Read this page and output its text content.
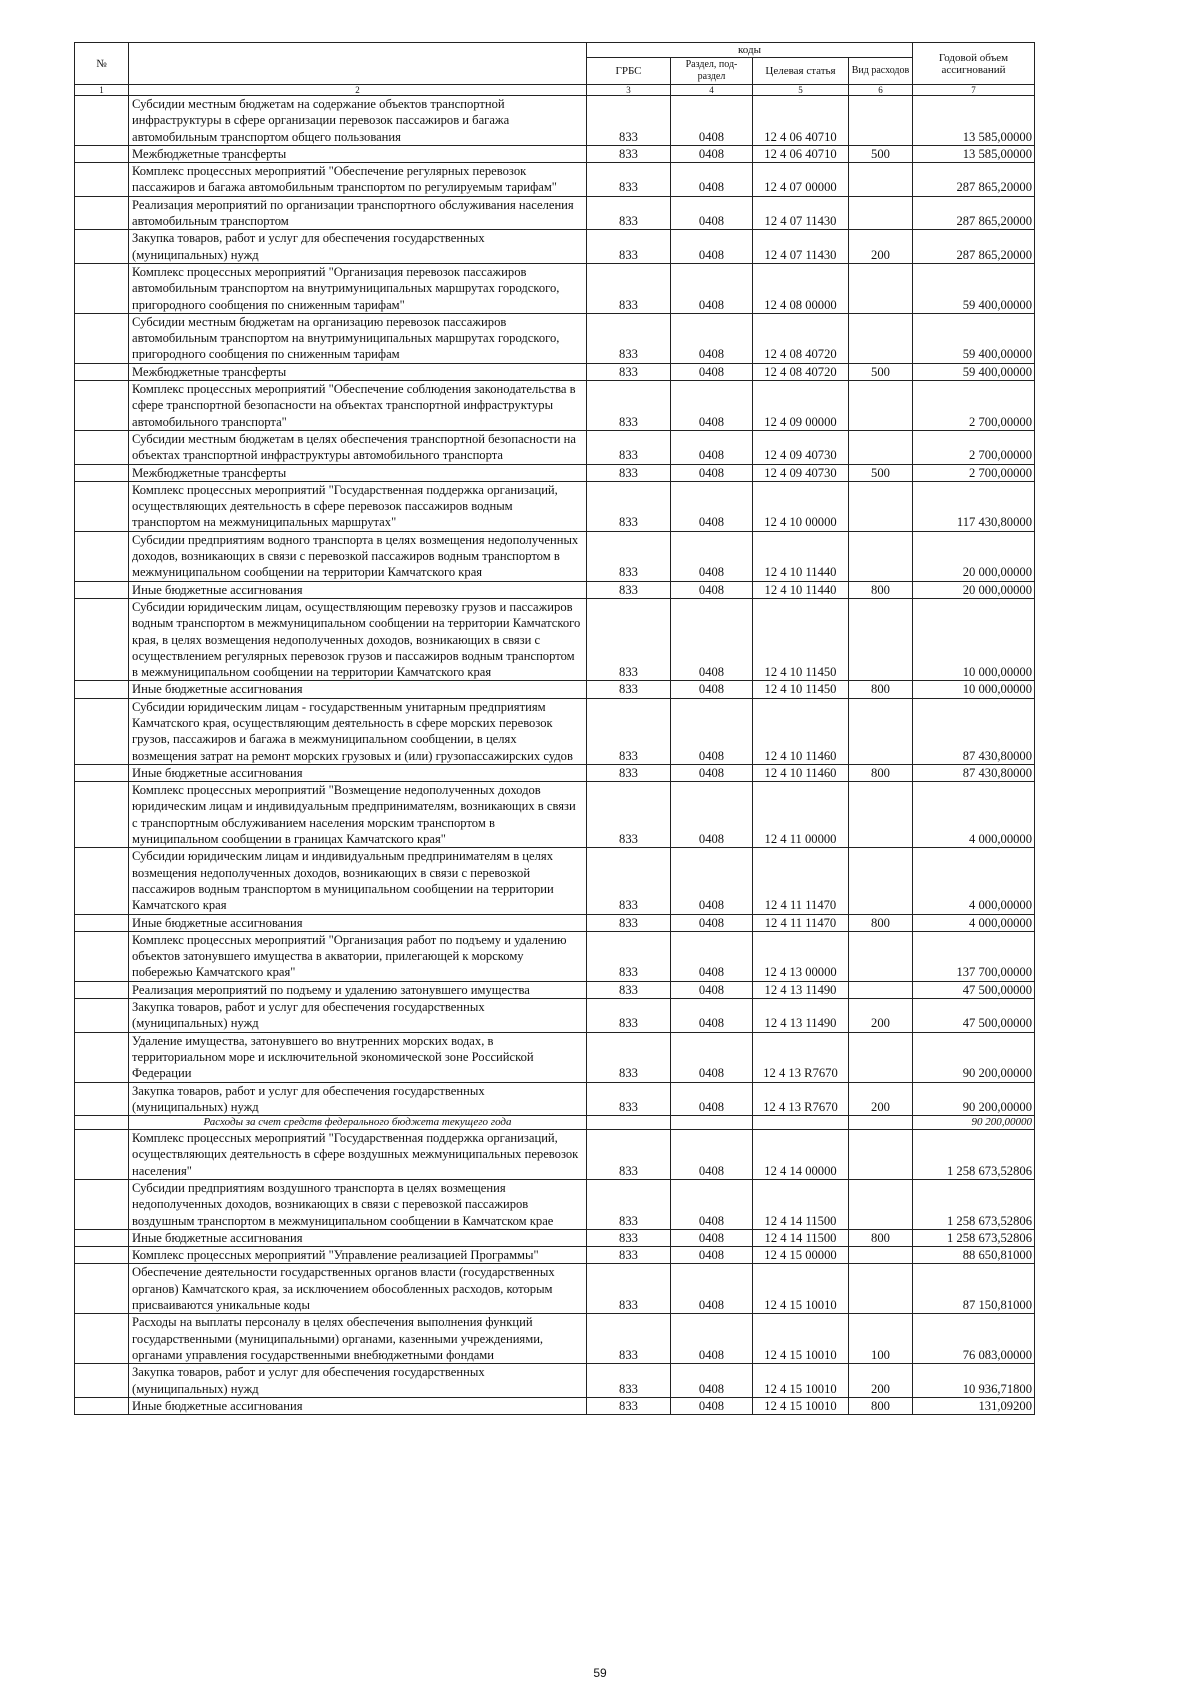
№		коды				Годовой объем ассигнований
		ГРБС	Раздел, под-раздел	Целевая статья	Вид расходов	
1	2	3	4	5	6	7
	Субсидии местным бюджетам на содержание объектов транспортной инфраструктуры в сфере организации перевозок пассажиров и багажа автомобильным транспортом общего пользования	833	0408	12 4 06 40710		13 585,00000
	Межбюджетные трансферты	833	0408	12 4 06 40710	500	13 585,00000
	Комплекс процессных мероприятий "Обеспечение регулярных перевозок пассажиров и багажа автомобильным транспортом по регулируемым тарифам"	833	0408	12 4 07 00000		287 865,20000
	Реализация мероприятий по организации транспортного обслуживания населения автомобильным транспортом	833	0408	12 4 07 11430		287 865,20000
	Закупка товаров, работ и услуг для обеспечения государственных (муниципальных) нужд	833	0408	12 4 07 11430	200	287 865,20000
	Комплекс процессных мероприятий "Организация перевозок пассажиров автомобильным транспортом на внутримуниципальных маршрутах городского, пригородного сообщения по сниженным тарифам"	833	0408	12 4 08 00000		59 400,00000
	Субсидии местным бюджетам на организацию перевозок пассажиров автомобильным транспортом на внутримуниципальных маршрутах городского, пригородного сообщения по сниженным тарифам	833	0408	12 4 08 40720		59 400,00000
	Межбюджетные трансферты	833	0408	12 4 08 40720	500	59 400,00000
	Комплекс процессных мероприятий "Обеспечение соблюдения законодательства в сфере транспортной безопасности на объектах транспортной инфраструктуры автомобильного транспорта"	833	0408	12 4 09 00000		2 700,00000
	Субсидии местным бюджетам в целях обеспечения транспортной безопасности на объектах транспортной инфраструктуры автомобильного транспорта	833	0408	12 4 09 40730		2 700,00000
	Межбюджетные трансферты	833	0408	12 4 09 40730	500	2 700,00000
	Комплекс процессных мероприятий "Государственная поддержка организаций, осуществляющих деятельность в сфере перевозок пассажиров водным транспортом на межмуниципальных маршрутах"	833	0408	12 4 10 00000		117 430,80000
	Субсидии предприятиям водного транспорта в целях возмещения недополученных доходов, возникающих в связи с перевозкой пассажиров водным транспортом в межмуниципальном сообщении на территории Камчатского края	833	0408	12 4 10 11440		20 000,00000
	Иные бюджетные ассигнования	833	0408	12 4 10 11440	800	20 000,00000
	Субсидии юридическим лицам, осуществляющим перевозку грузов и пассажиров водным транспортом в межмуниципальном сообщении на территории Камчатского края, в целях возмещения недополученных доходов, возникающих в связи с осуществлением регулярных перевозок грузов и пассажиров водным транспортом в межмуниципальном сообщении на территории Камчатского края	833	0408	12 4 10 11450		10 000,00000
	Иные бюджетные ассигнования	833	0408	12 4 10 11450	800	10 000,00000
	Субсидии юридическим лицам - государственным унитарным предприятиям Камчатского края, осуществляющим деятельность в сфере морских перевозок грузов, пассажиров и багажа в межмуниципальном сообщении, в целях возмещения затрат на ремонт морских грузовых и (или) грузопассажирских судов	833	0408	12 4 10 11460		87 430,80000
	Иные бюджетные ассигнования	833	0408	12 4 10 11460	800	87 430,80000
	Комплекс процессных мероприятий "Возмещение недополученных доходов юридическим лицам и индивидуальным предпринимателям, возникающих в связи с транспортным обслуживанием населения морским транспортом в муниципальном сообщении в границах Камчатского края"	833	0408	12 4 11 00000		4 000,00000
	Субсидии юридическим лицам и индивидуальным предпринимателям в целях возмещения недополученных доходов, возникающих в связи с перевозкой пассажиров водным транспортом в муниципальном сообщении на территории Камчатского края	833	0408	12 4 11 11470		4 000,00000
	Иные бюджетные ассигнования	833	0408	12 4 11 11470	800	4 000,00000
	Комплекс процессных мероприятий "Организация работ по подъему и удалению объектов затонувшего имущества в акватории, прилегающей к морскому побережью Камчатского края"	833	0408	12 4 13 00000		137 700,00000
	Реализация мероприятий по подъему и удалению затонувшего имущества	833	0408	12 4 13 11490		47 500,00000
	Закупка товаров, работ и услуг для обеспечения государственных (муниципальных) нужд	833	0408	12 4 13 11490	200	47 500,00000
	Удаление имущества, затонувшего во внутренних морских водах, в территориальном море и исключительной экономической зоне Российской Федерации	833	0408	12 4 13 R7670		90 200,00000
	Закупка товаров, работ и услуг для обеспечения государственных (муниципальных) нужд	833	0408	12 4 13 R7670	200	90 200,00000
	Расходы за счет средств федерального бюджета текущего года					90 200,00000
	Комплекс процессных мероприятий "Государственная поддержка организаций, осуществляющих деятельность в сфере воздушных межмуниципальных перевозок населения"	833	0408	12 4 14 00000		1 258 673,52806
	Субсидии предприятиям воздушного транспорта в целях возмещения недополученных доходов, возникающих в связи с перевозкой пассажиров воздушным транспортом в межмуниципальном сообщении в Камчатском крае	833	0408	12 4 14 11500		1 258 673,52806
	Иные бюджетные ассигнования	833	0408	12 4 14 11500	800	1 258 673,52806
	Комплекс процессных мероприятий "Управление реализацией Программы"	833	0408	12 4 15 00000		88 650,81000
	Обеспечение деятельности государственных органов власти (государственных органов) Камчатского края, за исключением обособленных расходов, которым присваиваются уникальные коды	833	0408	12 4 15 10010		87 150,81000
	Расходы на выплаты персоналу в целях обеспечения выполнения функций государственными (муниципальными) органами, казенными учреждениями, органами управления государственными внебюджетными фондами	833	0408	12 4 15 10010	100	76 083,00000
	Закупка товаров, работ и услуг для обеспечения государственных (муниципальных) нужд	833	0408	12 4 15 10010	200	10 936,71800
	Иные бюджетные ассигнования	833	0408	12 4 15 10010	800	131,09200
59
